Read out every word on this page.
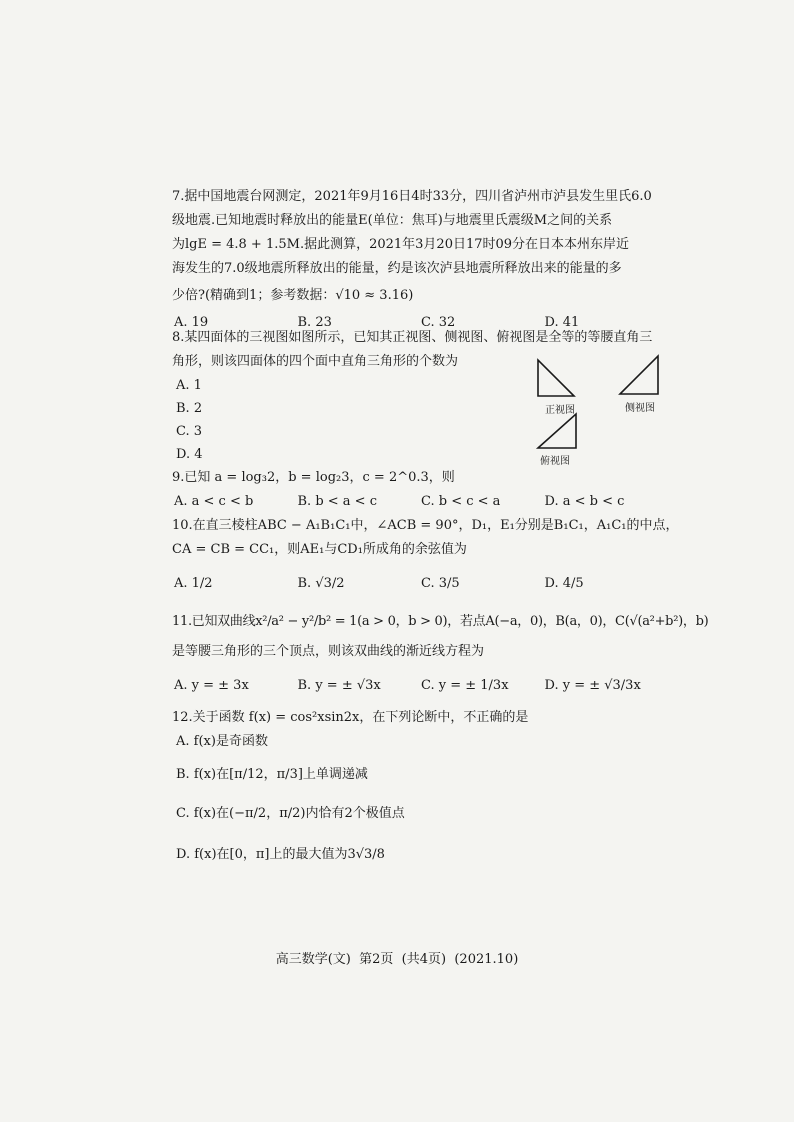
7.据中国地震台网测定，2021年9月16日4时33分，四川省泸州市泸县发生里氏6.0

级地震.已知地震时释放出的能量E(单位：焦耳)与地震里氏震级M之间的关系

为lgE = 4.8 + 1.5M.据此测算，2021年3月20日17时09分在日本本州东岸近

海发生的7.0级地震所释放出的能量，约是该次泸县地震所释放出来的能量的多

少倍?(精确到1；参考数据：√10 ≈ 3.16)

A. 19	B. 23	C. 32	D. 41

8.某四面体的三视图如图所示，已知其正视图、侧视图、俯视图是全等的等腰直角三

角形，则该四面体的四个面中直角三角形的个数为

A. 1
B. 2
C. 3
D. 4
正视图	侧视图
俯视图

9.已知 a = log₃2，b = log₂3，c = 2^0.3，则

A. a < c < b	B. b < a < c	C. b < c < a	D. a < b < c

10.在直三棱柱ABC − A₁B₁C₁中，∠ACB = 90°，D₁，E₁分别是B₁C₁，A₁C₁的中点，

CA = CB = CC₁，则AE₁与CD₁所成角的余弦值为

A. 1/2	B. √3/2	C. 3/5	D. 4/5

11.已知双曲线x²/a² − y²/b² = 1(a > 0，b > 0)，若点A(−a，0)，B(a，0)，C(√(a²+b²)，b)

是等腰三角形的三个顶点，则该双曲线的渐近线方程为

A. y = ± 3x	B. y = ± √3x	C. y = ± 1/3x	D. y = ± √3/3x

12.关于函数 f(x) = cos²xsin2x，在下列论断中，不正确的是

A. f(x)是奇函数
B. f(x)在[π/12，π/3]上单调递减
C. f(x)在(−π/2，π/2)内恰有2个极值点
D. f(x)在[0，π]上的最大值为3√3/8
高三数学(文)  第2页  (共4页)  (2021.10)
